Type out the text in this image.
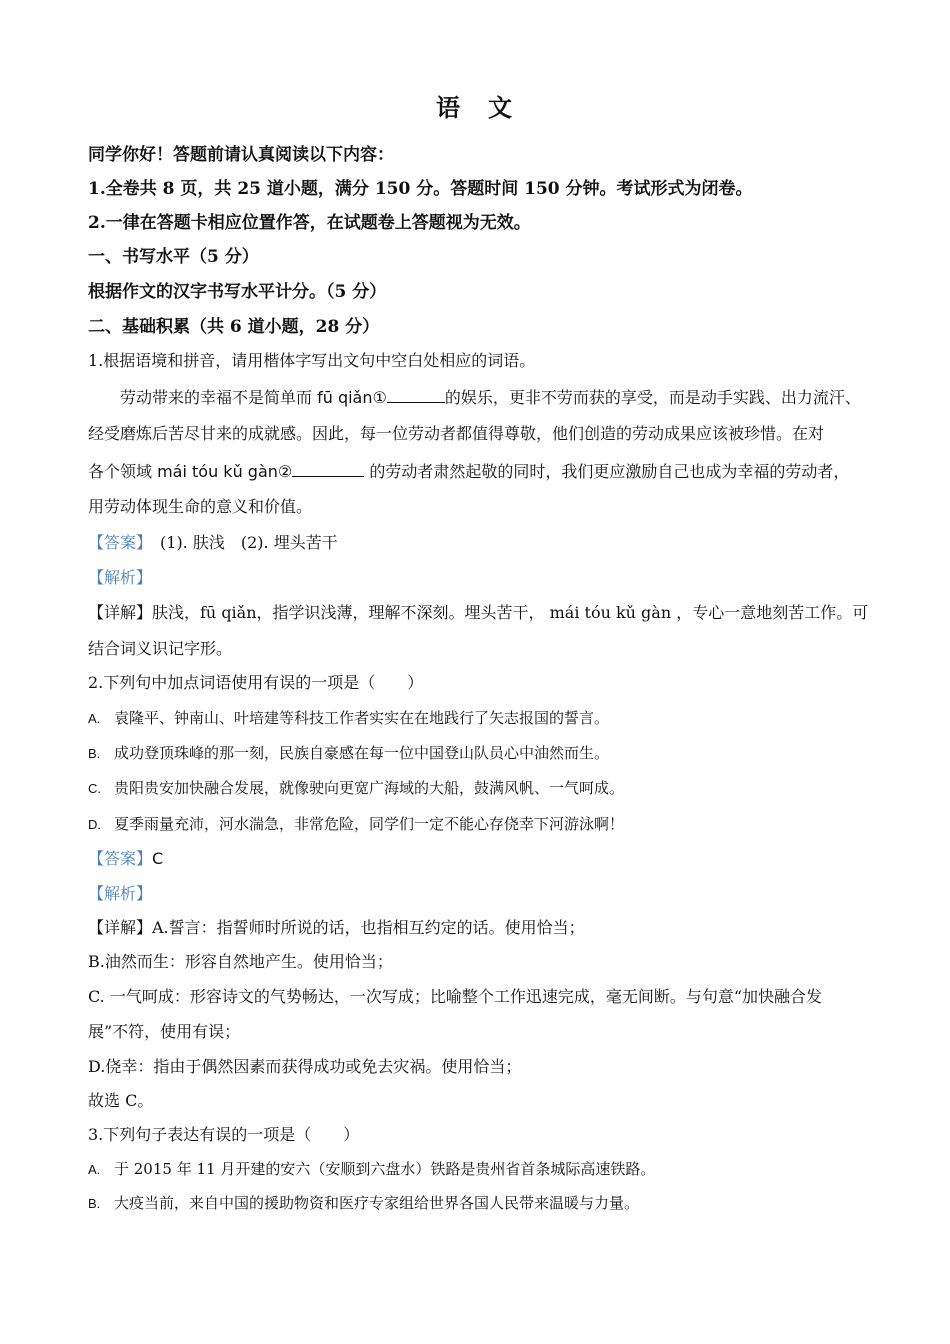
语　文
同学你好！答题前请认真阅读以下内容：
1.全卷共 8 页，共 25 道小题，满分 150 分。答题时间 150 分钟。考试形式为闭卷。
2.一律在答题卡相应位置作答，在试题卷上答题视为无效。
一、书写水平（5 分）
根据作文的汉字书写水平计分。（5 分）
二、基础积累（共 6 道小题，28 分）
1.根据语境和拼音，请用楷体字写出文句中空白处相应的词语。
劳动带来的幸福不是简单而 fū qiǎn①	的娱乐，更非不劳而获的享受，而是动手实践、出力流汗、
经受磨炼后苦尽甘来的成就感。因此，每一位劳动者都值得尊敬，他们创造的劳动成果应该被珍惜。在对
各个领域 mái tóu kǔ gàn②	的劳动者肃然起敬的同时，我们更应激励自己也成为幸福的劳动者，
用劳动体现生命的意义和价值。
【答案】　(1). 肤浅　(2). 埋头苦干
【解析】
【详解】肤浅，fū qiǎn，指学识浅薄，理解不深刻。埋头苦干， mái tóu kǔ gàn ，专心一意地刻苦工作。可
结合词义识记字形。
2.下列句中加点词语使用有误的一项是（　　）
A. 袁隆平、钟南山、叶培建等科技工作者实实在在地践行了矢志报国的誓言。
B. 成功登顶珠峰的那一刻，民族自豪感在每一位中国登山队员心中油然而生。
C. 贵阳贵安加快融合发展，就像驶向更宽广海域的大船，鼓满风帆、一气呵成。
D. 夏季雨量充沛，河水湍急，非常危险，同学们一定不能心存侥幸下河游泳啊！
【答案】C
【解析】
【详解】A.誓言：指誓师时所说的话，也指相互约定的话。使用恰当；
B.油然而生：形容自然地产生。使用恰当；
C. 一气呵成：形容诗文的气势畅达，一次写成；比喻整个工作迅速完成，毫无间断。与句意“加快融合发
展”不符，使用有误；
D.侥幸：指由于偶然因素而获得成功或免去灾祸。使用恰当；
故选 C。
3.下列句子表达有误的一项是（　　）
A. 于 2015 年 11 月开建的安六（安顺到六盘水）铁路是贵州省首条城际高速铁路。
B. 大疫当前，来自中国的援助物资和医疗专家组给世界各国人民带来温暖与力量。
